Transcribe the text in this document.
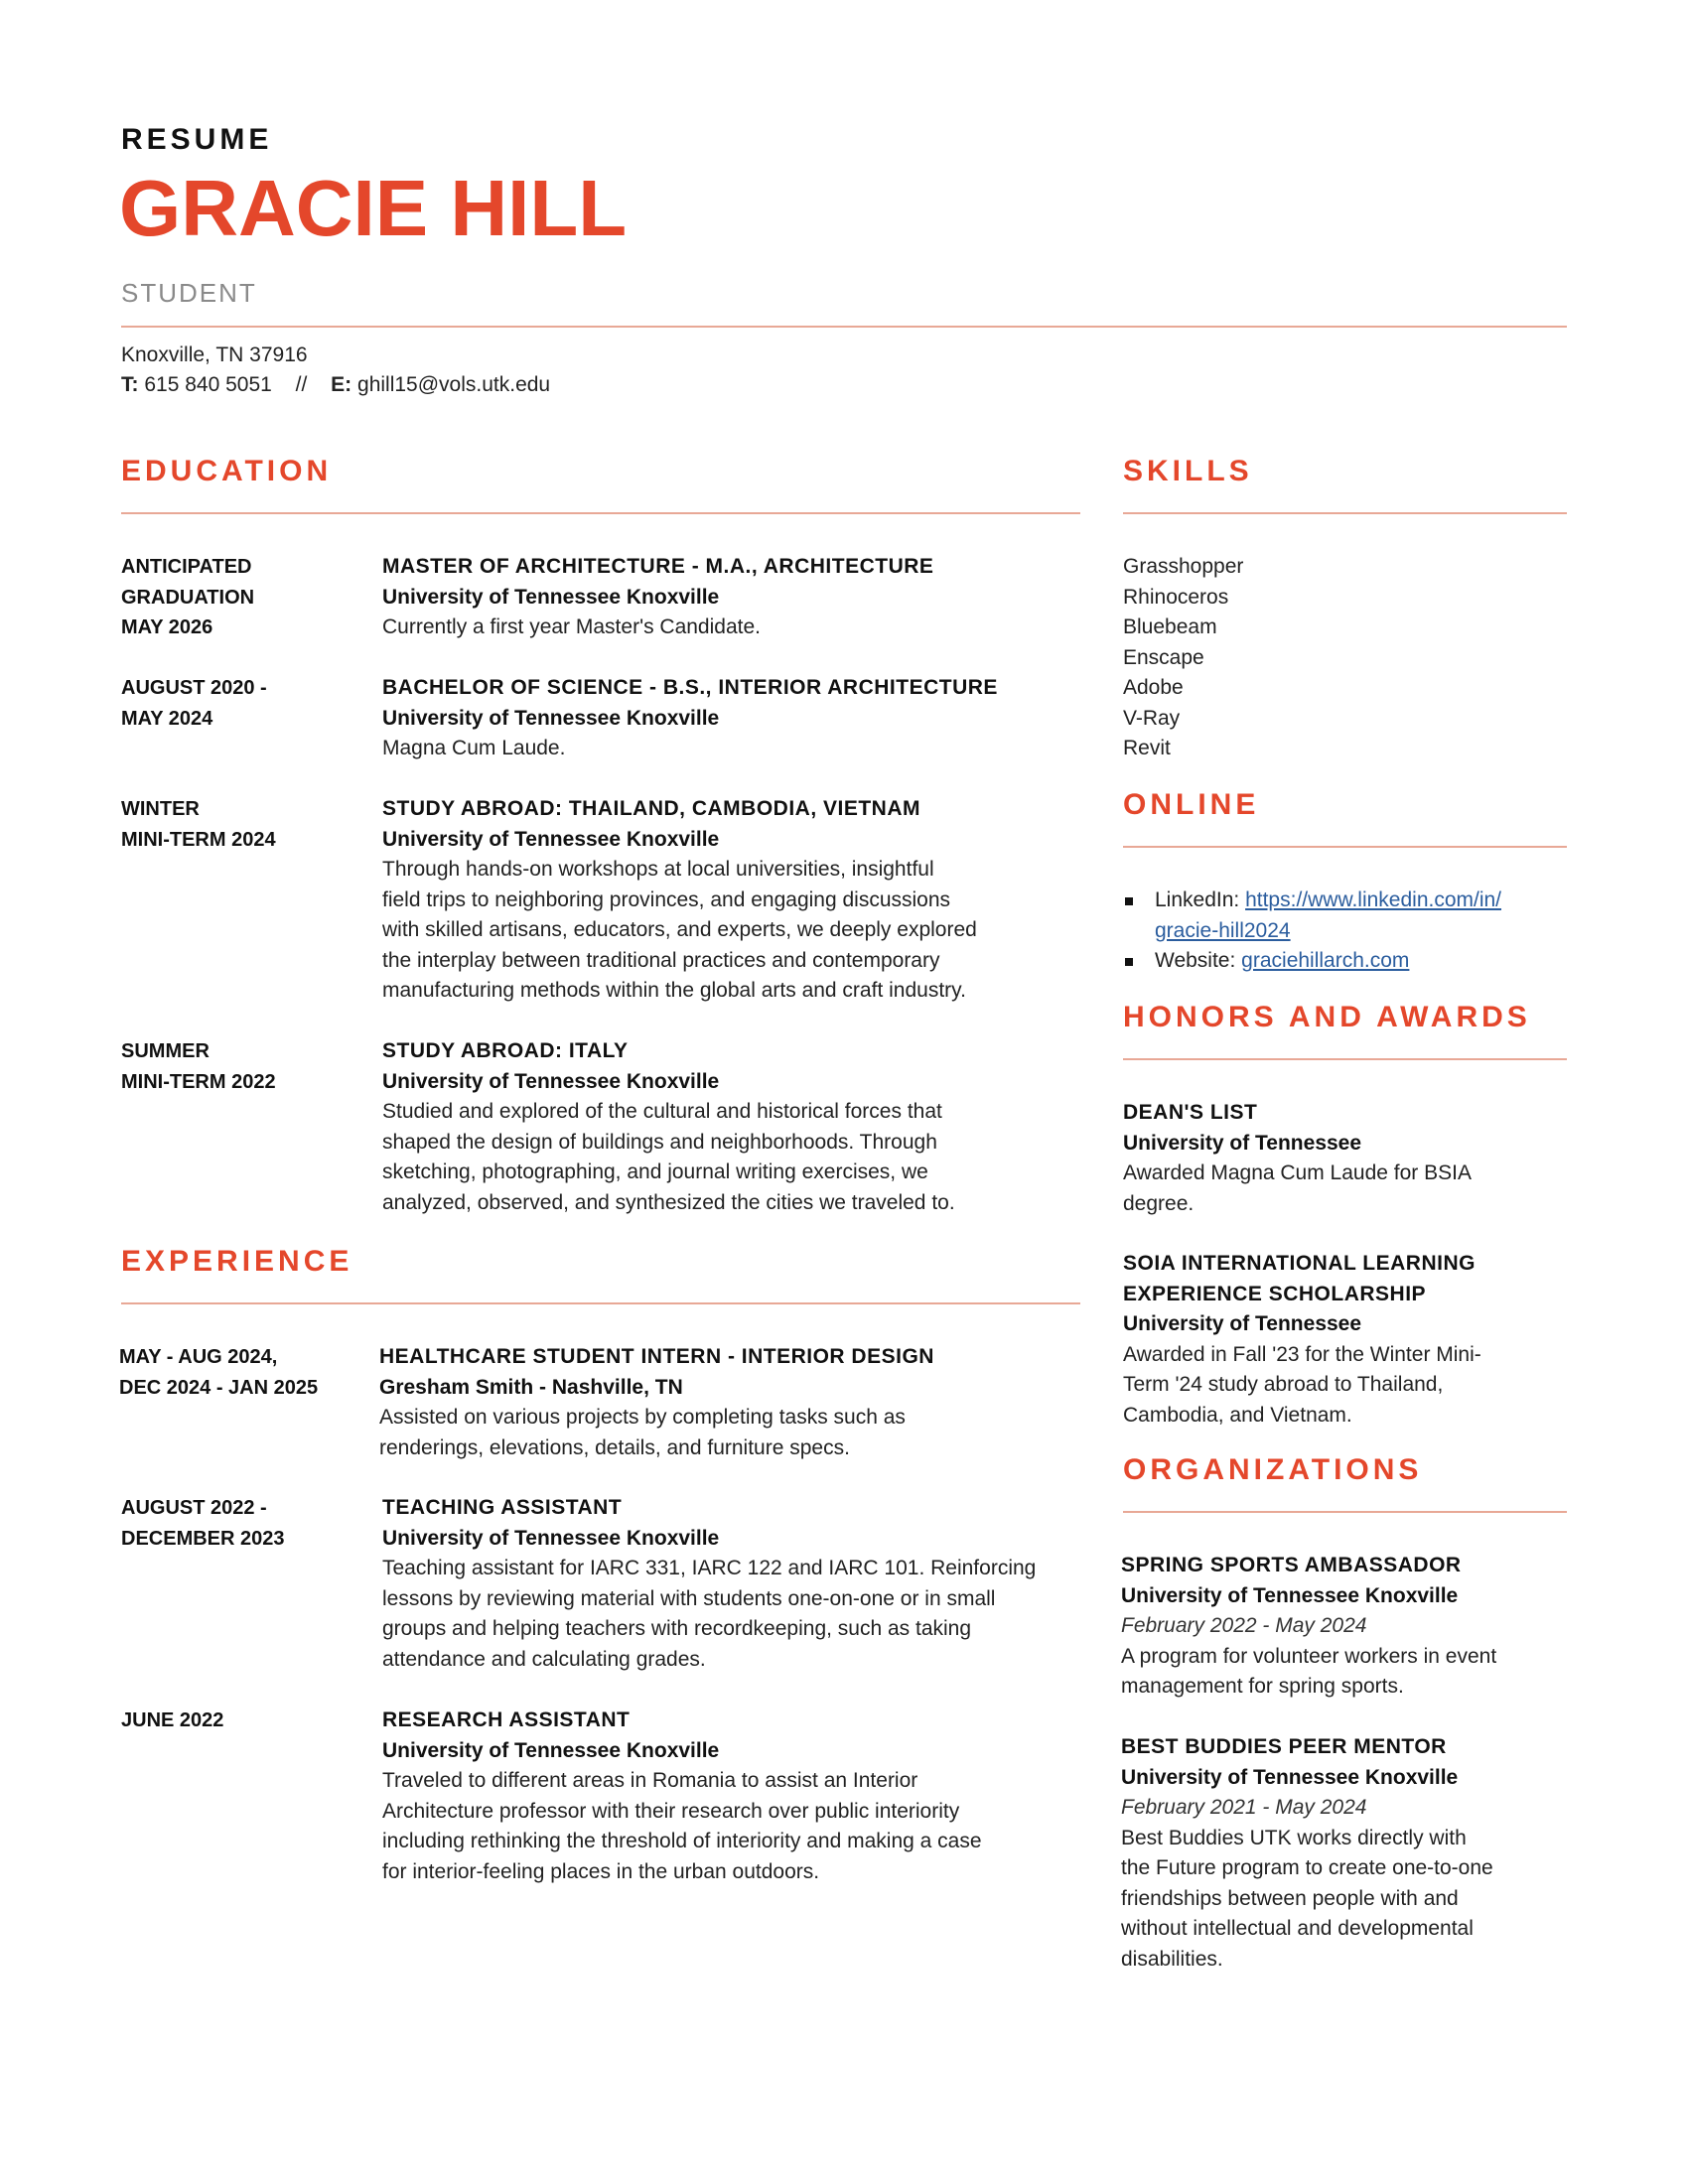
RESUME
GRACIE HILL
STUDENT
Knoxville, TN 37916
T: 615 840 5051 // E: ghill15@vols.utk.edu
EDUCATION
ANTICIPATED
GRADUATION
MAY 2026
MASTER OF ARCHITECTURE - M.A., ARCHITECTURE
University of Tennessee Knoxville
Currently a first year Master's Candidate.
AUGUST 2020 -
MAY 2024
BACHELOR OF SCIENCE - B.S., INTERIOR ARCHITECTURE
University of Tennessee Knoxville
Magna Cum Laude.
WINTER
MINI-TERM 2024
STUDY ABROAD: THAILAND, CAMBODIA, VIETNAM
University of Tennessee Knoxville
Through hands-on workshops at local universities, insightful
field trips to neighboring provinces, and engaging discussions
with skilled artisans, educators, and experts, we deeply explored
the interplay between traditional practices and contemporary
manufacturing methods within the global arts and craft industry.
SUMMER
MINI-TERM 2022
STUDY ABROAD: ITALY
University of Tennessee Knoxville
Studied and explored of the cultural and historical forces that
shaped the design of buildings and neighborhoods. Through
sketching, photographing, and journal writing exercises, we
analyzed, observed, and synthesized the cities we traveled to.
EXPERIENCE
MAY - AUG 2024,
DEC 2024 - JAN 2025
HEALTHCARE STUDENT INTERN - INTERIOR DESIGN
Gresham Smith - Nashville, TN
Assisted on various projects by completing tasks such as
renderings, elevations, details, and furniture specs.
AUGUST 2022 -
DECEMBER 2023
TEACHING ASSISTANT
University of Tennessee Knoxville
Teaching assistant for IARC 331, IARC 122 and IARC 101. Reinforcing
lessons by reviewing material with students one-on-one or in small
groups and helping teachers with recordkeeping, such as taking
attendance and calculating grades.
JUNE 2022	RESEARCH ASSISTANT
University of Tennessee Knoxville
Traveled to different areas in Romania to assist an Interior
Architecture professor with their research over public interiority
including rethinking the threshold of interiority and making a case
for interior-feeling places in the urban outdoors.
SKILLS
Grasshopper
Rhinoceros
Bluebeam
Enscape
Adobe
V-Ray
Revit
ONLINE
LinkedIn: https://www.linkedin.com/in/
gracie-hill2024
Website: graciehillarch.com
HONORS AND AWARDS
DEAN'S LIST
University of Tennessee
Awarded Magna Cum Laude for BSIA
degree.
SOIA INTERNATIONAL LEARNING
EXPERIENCE SCHOLARSHIP
University of Tennessee
Awarded in Fall '23 for the Winter Mini-
Term '24 study abroad to Thailand,
Cambodia, and Vietnam.
ORGANIZATIONS
SPRING SPORTS AMBASSADOR
University of Tennessee Knoxville
February 2022 - May 2024
A program for volunteer workers in event
management for spring sports.
BEST BUDDIES PEER MENTOR
University of Tennessee Knoxville
February 2021 - May 2024
Best Buddies UTK works directly with
the Future program to create one-to-one
friendships between people with and
without intellectual and developmental
disabilities.
